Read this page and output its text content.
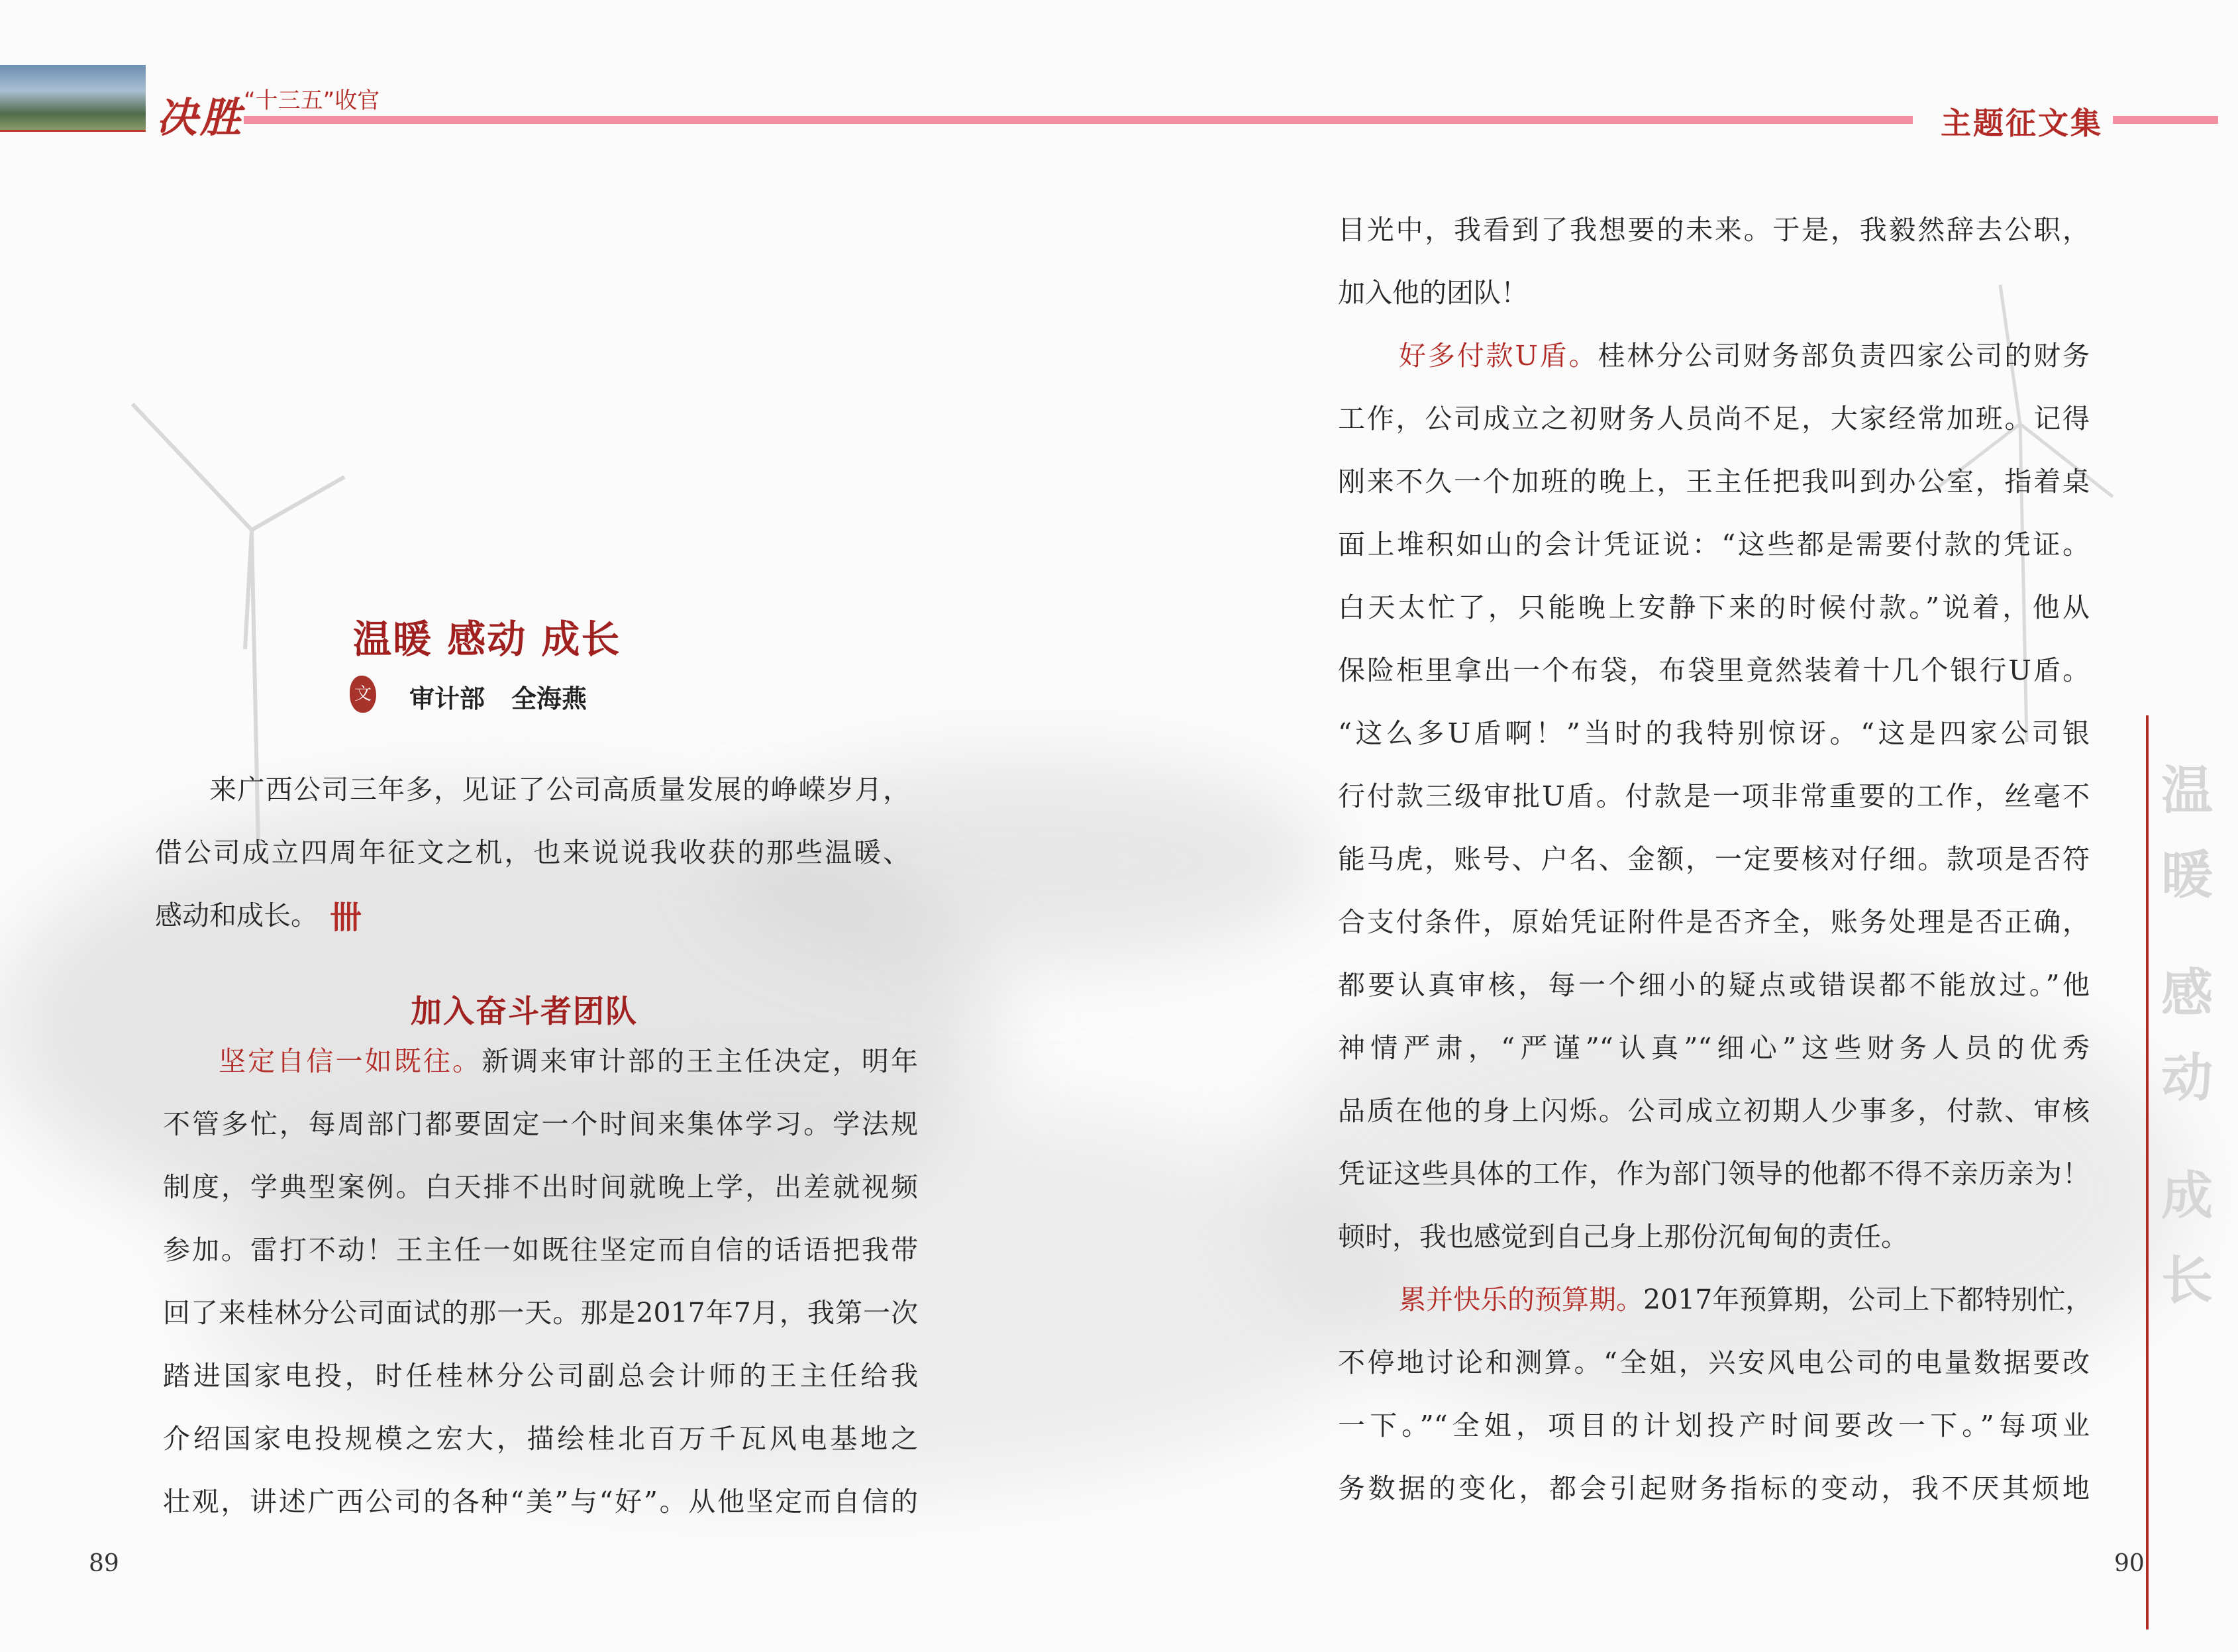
决胜 “十三五”收官
主题征文集
温
暖
感
动
成
长
温暖 感动 成长
文 审计部 全海燕
来广西公司三年多，见证了公司高质量发展的峥嵘岁月，
借公司成立四周年征文之机，也来说说我收获的那些温暖、
感动和成长。 卌
加入奋斗者团队
坚定自信一如既往。新调来审计部的王主任决定，明年
不管多忙，每周部门都要固定一个时间来集体学习。学法规
制度，学典型案例。白天排不出时间就晚上学，出差就视频
参加。雷打不动！王主任一如既往坚定而自信的话语把我带
回了来桂林分公司面试的那一天。那是2017年7月，我第一次
踏进国家电投，时任桂林分公司副总会计师的王主任给我
介绍国家电投规模之宏大，描绘桂北百万千瓦风电基地之
壮观，讲述广西公司的各种“美”与“好”。从他坚定而自信的
89
目光中，我看到了我想要的未来。于是，我毅然辞去公职，
加入他的团队！
好多付款U盾。桂林分公司财务部负责四家公司的财务
工作，公司成立之初财务人员尚不足，大家经常加班。记得
刚来不久一个加班的晚上，王主任把我叫到办公室，指着桌
面上堆积如山的会计凭证说：“这些都是需要付款的凭证。
白天太忙了，只能晚上安静下来的时候付款。”说着，他从
保险柜里拿出一个布袋，布袋里竟然装着十几个银行U盾。
“这么多U盾啊！”当时的我特别惊讶。“这是四家公司银
行付款三级审批U盾。付款是一项非常重要的工作，丝毫不
能马虎，账号、户名、金额，一定要核对仔细。款项是否符
合支付条件，原始凭证附件是否齐全，账务处理是否正确，
都要认真审核，每一个细小的疑点或错误都不能放过。”他
神情严肃，“严谨”“认真”“细心”这些财务人员的优秀
品质在他的身上闪烁。公司成立初期人少事多，付款、审核
凭证这些具体的工作，作为部门领导的他都不得不亲历亲为！
顿时，我也感觉到自己身上那份沉甸甸的责任。
累并快乐的预算期。2017年预算期，公司上下都特别忙，
不停地讨论和测算。“全姐，兴安风电公司的电量数据要改
一下。”“全姐，项目的计划投产时间要改一下。”每项业
务数据的变化，都会引起财务指标的变动，我不厌其烦地
90
